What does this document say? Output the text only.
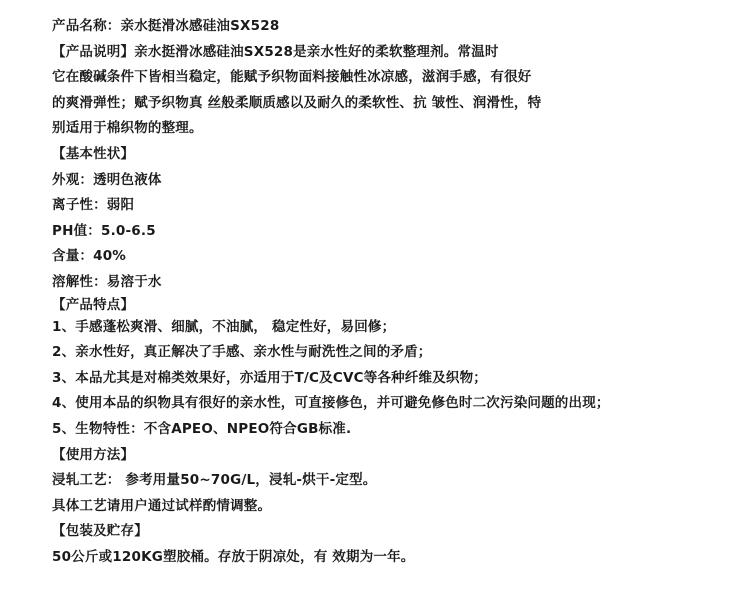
产品名称：亲水挺滑冰感硅油SX528
【产品说明】亲水挺滑冰感硅油SX528是亲水性好的柔软整理剂。常温时
它在酸碱条件下皆相当稳定，能赋予织物面料接触性冰凉感，滋润手感，有很好
的爽滑弹性；赋予织物真 丝般柔顺质感以及耐久的柔软性、抗 皱性、润滑性，特
别适用于棉织物的整理。
【基本性状】
外观：透明色液体
离子性：弱阳
PH值：5.0-6.5
含量：40%
溶解性：易溶于水
【产品特点】
1、手感蓬松爽滑、细腻，不油腻， 稳定性好，易回修；
2、亲水性好，真正解决了手感、亲水性与耐洗性之间的矛盾；
3、本品尤其是对棉类效果好，亦适用于T/C及CVC等各种纤维及织物；
4、使用本品的织物具有很好的亲水性，可直接修色，并可避免修色时二次污染问题的出现；
5、生物特性：不含APEO、NPEO符合GB标准.
【使用方法】
浸轧工艺： 参考用量50~70G/L，浸轧-烘干-定型。
具体工艺请用户通过试样酌情调整。
【包装及贮存】
50公斤或120KG塑胶桶。存放于阴凉处，有 效期为一年。
